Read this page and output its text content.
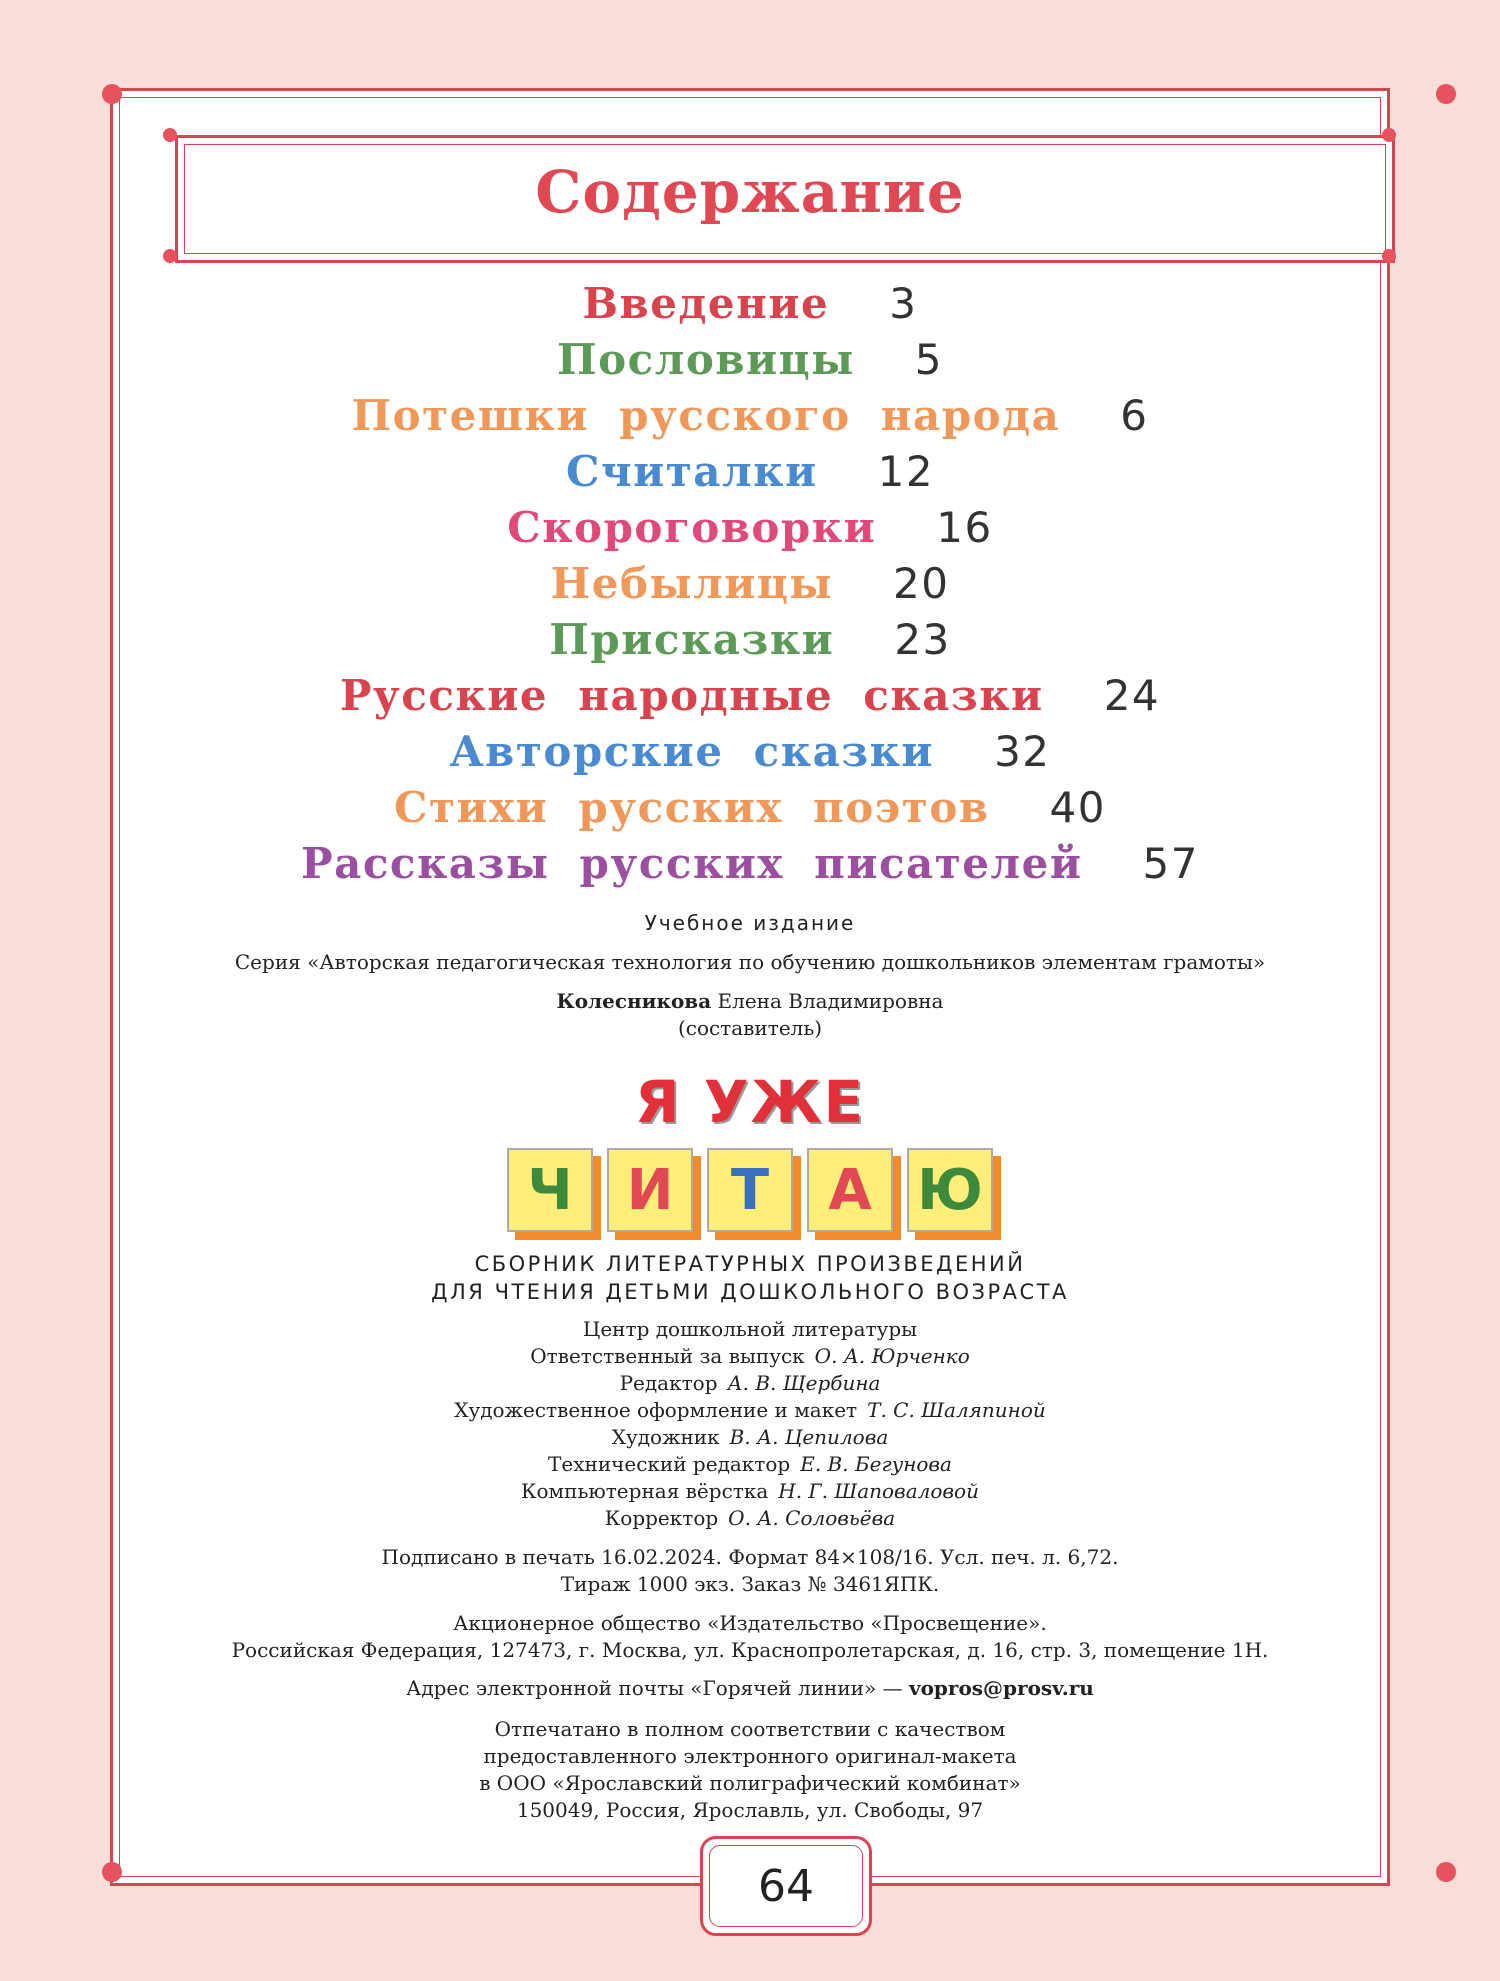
Содержание
Введение 3
Пословицы 5
Потешки русского народа 6
Считалки 12
Скороговорки 16
Небылицы 20
Присказки 23
Русские народные сказки 24
Авторские сказки 32
Стихи русских поэтов 40
Рассказы русских писателей 57
Учебное издание
Серия «Авторская педагогическая технология по обучению дошкольников элементам грамоты»
Колесникова Елена Владимировна
(составитель)
Я УЖЕ
Ч И	Т	А Ю
СБОРНИК ЛИТЕРАТУРНЫХ ПРОИЗВЕДЕНИЙ
ДЛЯ ЧТЕНИЯ ДЕТЬМИ ДОШКОЛЬНОГО ВОЗРАСТА
Центр дошкольной литературы
Ответственный за выпуск О. А. Юрченко
Редактор А. В. Щербина
Художественное оформление и макет Т. С. Шаляпиной
Художник В. А. Цепилова
Технический редактор Е. В. Бегунова
Компьютерная вёрстка Н. Г. Шаповаловой
Корректор О. А. Соловьёва
Подписано в печать 16.02.2024. Формат 84×108/16. Усл. печ. л. 6,72.
Тираж 1000 экз. Заказ № 3461ЯПК.
Акционерное общество «Издательство «Просвещение».
Российская Федерация, 127473, г. Москва, ул. Краснопролетарская, д. 16, стр. 3, помещение 1Н.
Адрес электронной почты «Горячей линии» — vopros@prosv.ru
Отпечатано в полном соответствии с качеством
предоставленного электронного оригинал-макета
в ООО «Ярославский полиграфический комбинат»
150049, Россия, Ярославль, ул. Свободы, 97
64
